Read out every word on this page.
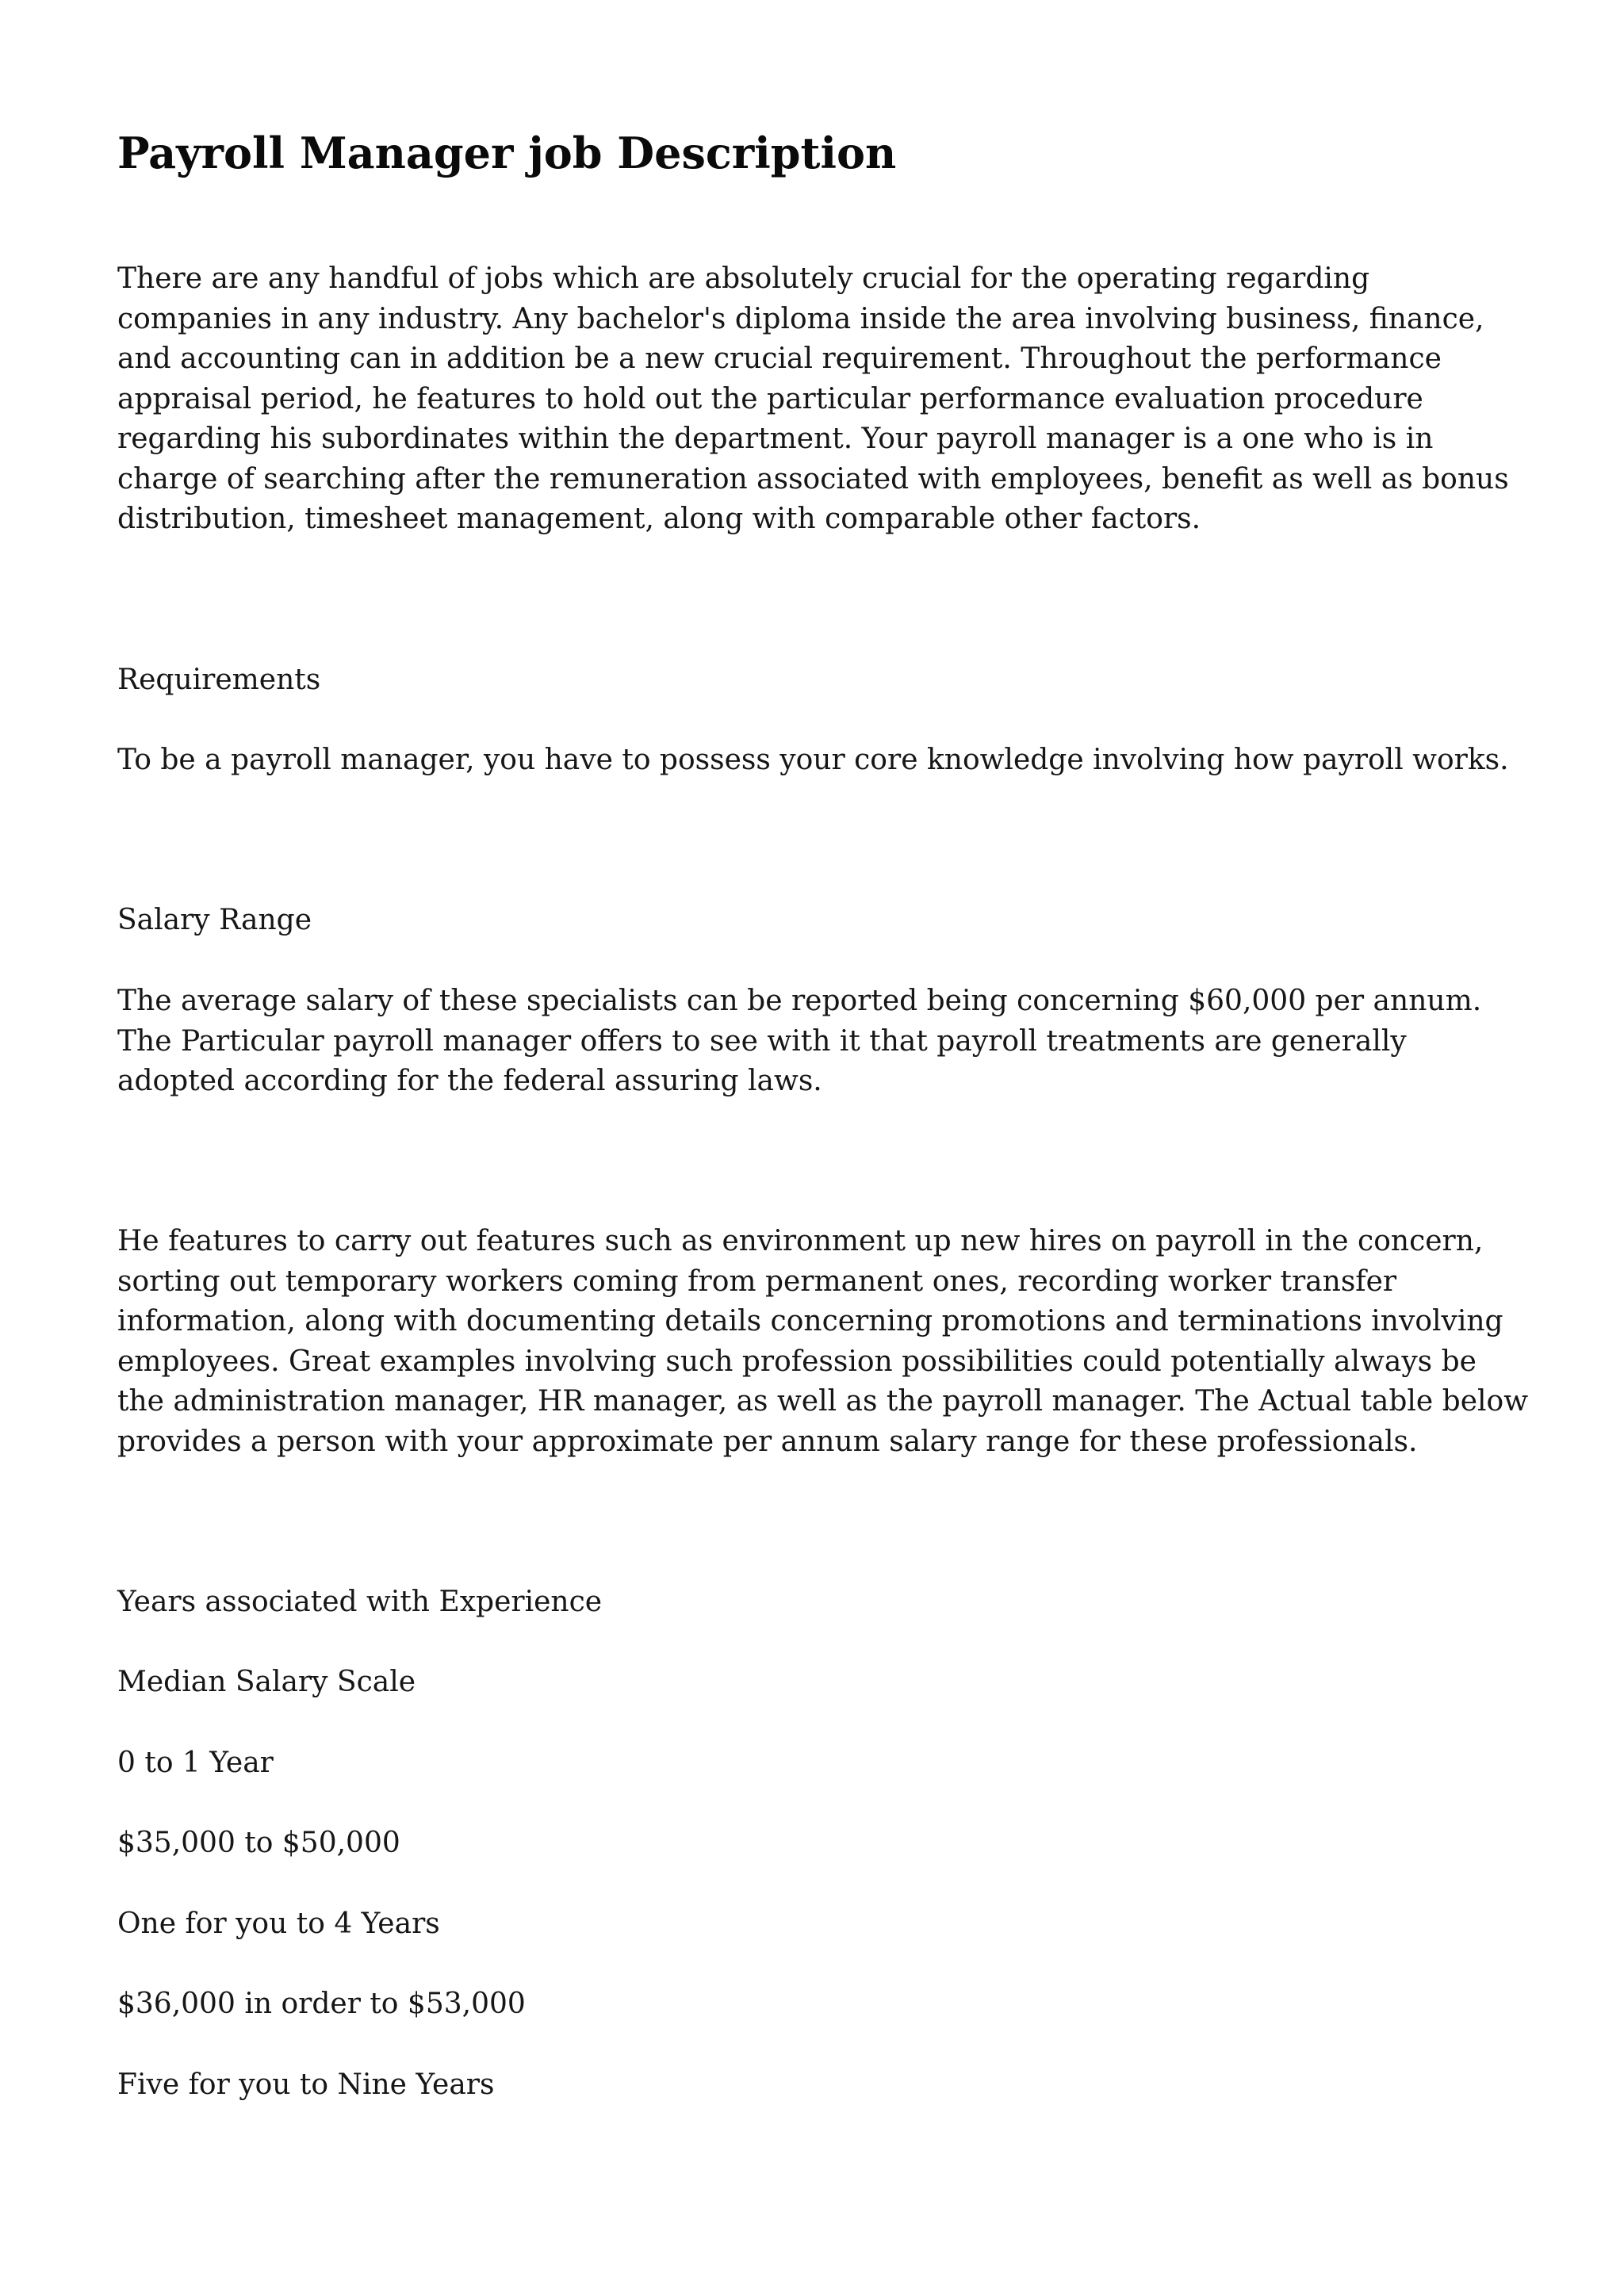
Payroll Manager job Description

There are any handful of jobs which are absolutely crucial for the operating regarding companies in any industry. Any bachelor's diploma inside the area involving business, finance, and accounting can in addition be a new crucial requirement. Throughout the performance appraisal period, he features to hold out the particular performance evaluation procedure regarding his subordinates within the department. Your payroll manager is a one who is in charge of searching after the remuneration associated with employees, benefit as well as bonus distribution, timesheet management, along with comparable other factors.

Requirements

To be a payroll manager, you have to possess your core knowledge involving how payroll works.

Salary Range

The average salary of these specialists can be reported being concerning $60,000 per annum. The Particular payroll manager offers to see with it that payroll treatments are generally adopted according for the federal assuring laws.

He features to carry out features such as environment up new hires on payroll in the concern, sorting out temporary workers coming from permanent ones, recording worker transfer information, along with documenting details concerning promotions and terminations involving employees. Great examples involving such profession possibilities could potentially always be the administration manager, HR manager, as well as the payroll manager. The Actual table below provides a person with your approximate per annum salary range for these professionals.

Years associated with Experience

Median Salary Scale

0 to 1 Year

$35,000 to $50,000

One for you to 4 Years

$36,000 in order to $53,000

Five for you to Nine Years
